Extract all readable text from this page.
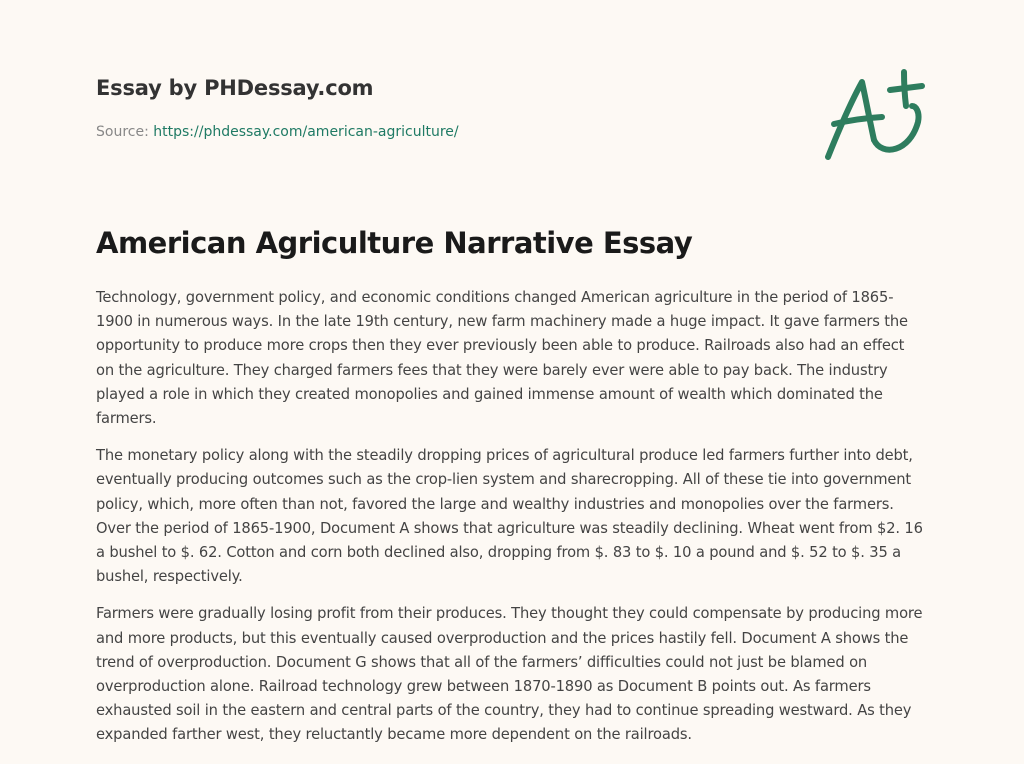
Essay by PHDessay.com
Source: https://phdessay.com/american-agriculture/
American Agriculture Narrative Essay

Technology, government policy, and economic conditions changed American agriculture in the period of 1865-1900 in numerous ways. In the late 19th century, new farm machinery made a huge impact. It gave farmers the opportunity to produce more crops then they ever previously been able to produce. Railroads also had an effect on the agriculture. They charged farmers fees that they were barely ever were able to pay back. The industry played a role in which they created monopolies and gained immense amount of wealth which dominated the farmers.

The monetary policy along with the steadily dropping prices of agricultural produce led farmers further into debt, eventually producing outcomes such as the crop-lien system and sharecropping. All of these tie into government policy, which, more often than not, favored the large and wealthy industries and monopolies over the farmers. Over the period of 1865-1900, Document A shows that agriculture was steadily declining. Wheat went from $2. 16 a bushel to $. 62. Cotton and corn both declined also, dropping from $. 83 to $. 10 a pound and $. 52 to $. 35 a bushel, respectively.

Farmers were gradually losing profit from their produces. They thought they could compensate by producing more and more products, but this eventually caused overproduction and the prices hastily fell. Document A shows the trend of overproduction. Document G shows that all of the farmers’ difficulties could not just be blamed on overproduction alone. Railroad technology grew between 1870-1890 as Document B points out. As farmers exhausted soil in the eastern and central parts of the country, they had to continue spreading westward. As they expanded farther west, they reluctantly became more dependent on the railroads.
